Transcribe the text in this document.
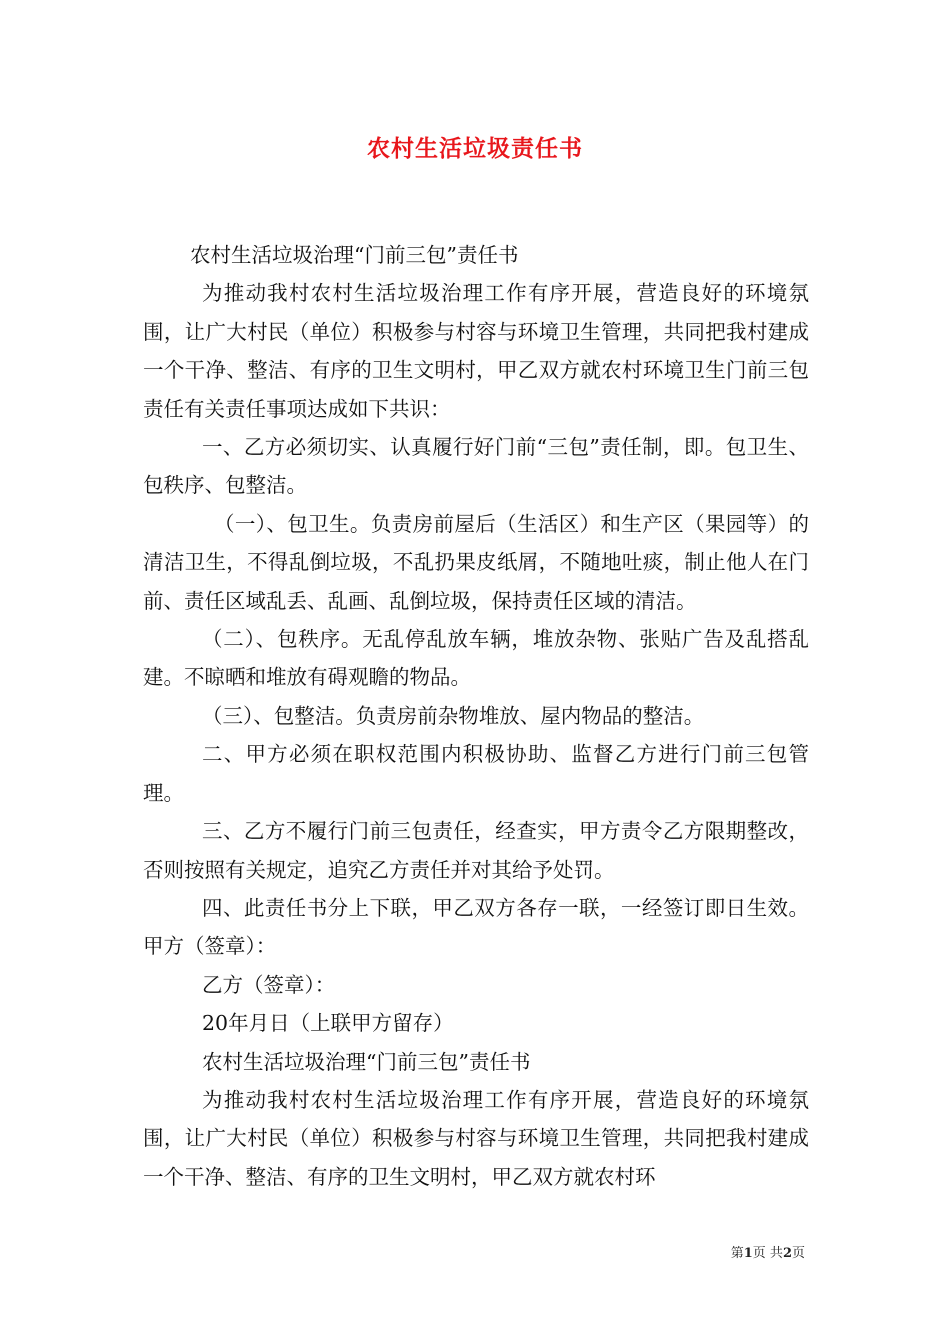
农村生活垃圾责任书

农村生活垃圾治理“门前三包”责任书

为推动我村农村生活垃圾治理工作有序开展，营造良好的环境氛围，让广大村民（单位）积极参与村容与环境卫生管理，共同把我村建成一个干净、整洁、有序的卫生文明村，甲乙双方就农村环境卫生门前三包责任有关责任事项达成如下共识：

一、乙方必须切实、认真履行好门前“三包”责任制，即。包卫生、包秩序、包整洁。

（一）、包卫生。负责房前屋后（生活区）和生产区（果园等）的清洁卫生，不得乱倒垃圾，不乱扔果皮纸屑，不随地吐痰，制止他人在门前、责任区域乱丢、乱画、乱倒垃圾，保持责任区域的清洁。

（二）、包秩序。无乱停乱放车辆，堆放杂物、张贴广告及乱搭乱建。不晾晒和堆放有碍观瞻的物品。

（三）、包整洁。负责房前杂物堆放、屋内物品的整洁。

二、甲方必须在职权范围内积极协助、监督乙方进行门前三包管理。

三、乙方不履行门前三包责任，经查实，甲方责令乙方限期整改，否则按照有关规定，追究乙方责任并对其给予处罚。

四、此责任书分上下联，甲乙双方各存一联，一经签订即日生效。甲方（签章）：

乙方（签章）：

20年月日（上联甲方留存）

农村生活垃圾治理“门前三包”责任书

为推动我村农村生活垃圾治理工作有序开展，营造良好的环境氛围，让广大村民（单位）积极参与村容与环境卫生管理，共同把我村建成一个干净、整洁、有序的卫生文明村，甲乙双方就农村环

第1页 共2页
